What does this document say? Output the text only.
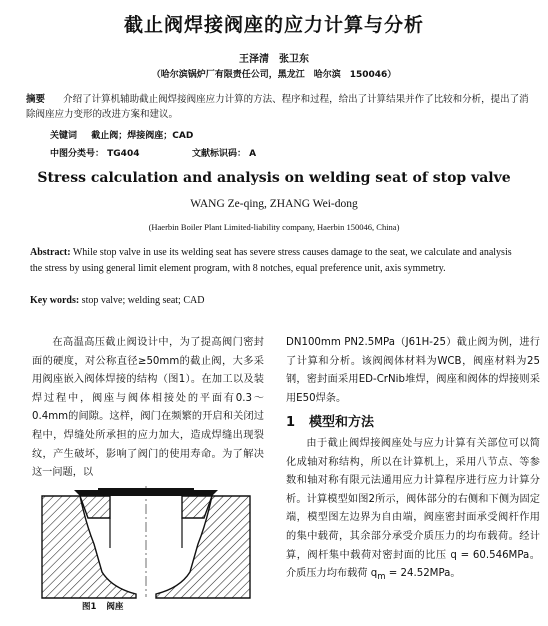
截止阀焊接阀座的应力计算与分析
王泽清　张卫东
（哈尔滨锅炉厂有限责任公司，黑龙江　哈尔滨　150046）
摘要 介绍了计算机辅助截止阀焊接阀座应力计算的方法、程序和过程，给出了计算结果并作了比较和分析，提出了消除阀座应力变形的改进方案和建议。
关键词 截止阀；焊接阀座；CAD
中图分类号： TG404	文献标识码： A
Stress calculation and analysis on welding seat of stop valve
WANG Ze-qing, ZHANG Wei-dong
(Haerbin Boiler Plant Limited-liability company, Haerbin 150046, China)
Abstract: While stop valve in use its welding seat has severe stress causes damage to the seat, we calculate and analysis the stress by using general limit element program, with 8 notches, equal preference unit, axis symmetry.
Key words: stop valve; welding seat; CAD

在高温高压截止阀设计中，为了提高阀门密封面的硬度，对公称直径≥50mm的截止阀，大多采用阀座嵌入阀体焊接的结构（图1）。在加工以及装焊过程中，阀座与阀体相接处的平面有0.3～0.4mm的间隙。这样，阀门在频繁的开启和关闭过程中，焊缝处所承担的应力加大，造成焊缝出现裂纹，产生破坏，影响了阀门的使用寿命。为了解决这一问题，以

DN100mm PN2.5MPa（J61H-25）截止阀为例，进行了计算和分析。该阀阀体材料为WCB，阀座材料为25钢，密封面采用ED-CrNib堆焊，阀座和阀体的焊接则采用E50焊条。

1 模型和方法

由于截止阀焊接阀座处与应力计算有关部位可以简化成轴对称结构，所以在计算机上，采用八节点、等参数和轴对称有限元法通用应力计算程序进行应力计算分析。计算模型如图2所示，阀体部分的右侧和下侧为固定端，模型图左边界为自由端，阀座密封面承受阀杆作用的集中载荷，其余部分承受介质压力的均布载荷。经计算，阀杆集中载荷对密封面的比压 q = 60.546MPa。介质压力均布载荷 $q_m = 24.52MPa$。

图1 阀座
